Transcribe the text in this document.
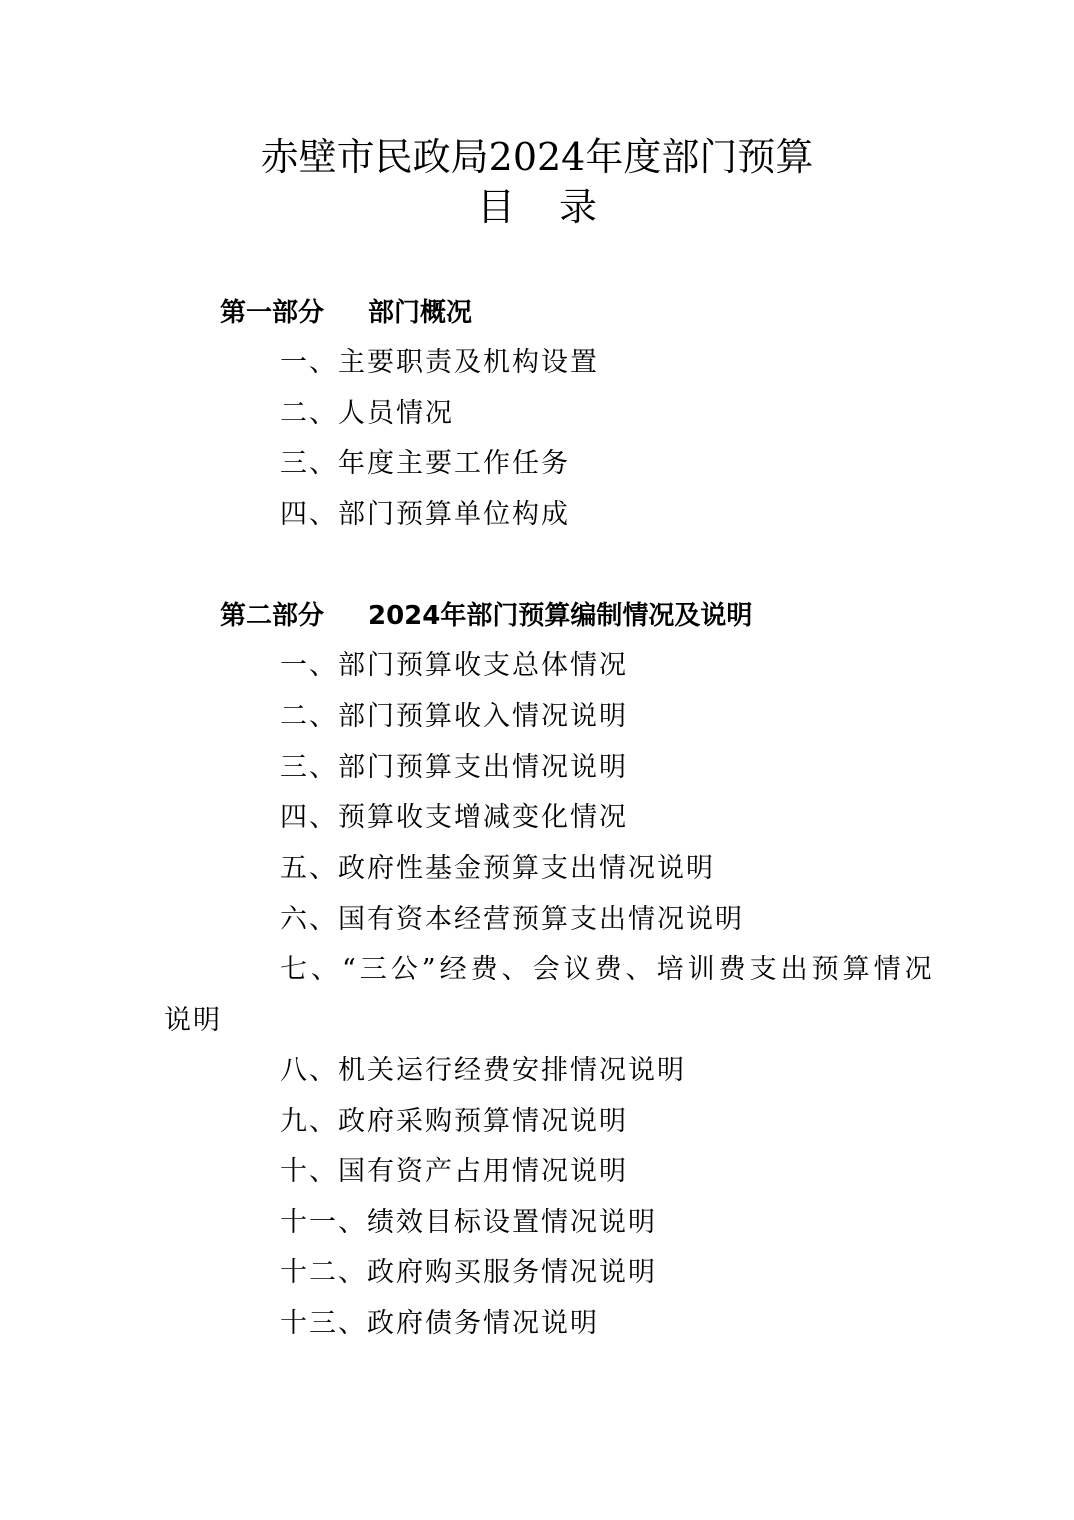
赤壁市民政局2024年度部门预算
目 录
第一部分 部门概况
一、主要职责及机构设置
二、人员情况
三、年度主要工作任务
四、部门预算单位构成
第二部分 2024年部门预算编制情况及说明
一、部门预算收支总体情况
二、部门预算收入情况说明
三、部门预算支出情况说明
四、预算收支增减变化情况
五、政府性基金预算支出情况说明
六、国有资本经营预算支出情况说明
七、“三公”经费、会议费、培训费支出预算情况
说明
八、机关运行经费安排情况说明
九、政府采购预算情况说明
十、国有资产占用情况说明
十一、绩效目标设置情况说明
十二、政府购买服务情况说明
十三、政府债务情况说明
